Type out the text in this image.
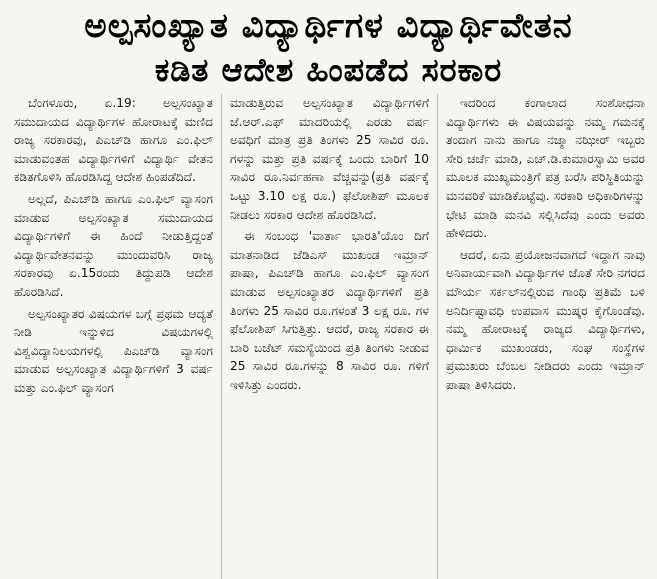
ಅಲ್ಪಸಂಖ್ಯಾತ ವಿದ್ಯಾರ್ಥಿಗಳ ವಿದ್ಯಾರ್ಥಿವೇತನ
ಕಡಿತ ಆದೇಶ ಹಿಂಪಡೆದ ಸರಕಾರ

ಬೆಂಗಳೂರು, ಏ.19: ಅಲ್ಪಸಂಖ್ಯಾತ ಸಮುದಾಯದ ವಿದ್ಯಾರ್ಥಿಗಳ ಹೋರಾಟಕ್ಕೆ ಮಣಿದ ರಾಜ್ಯ ಸರಕಾರವು, ಪಿಎಚ್‌ಡಿ ಹಾಗೂ ಎಂ.ಫಿಲ್ ಮಾಡುವಂತಹ ವಿದ್ಯಾರ್ಥಿಗಳಿಗೆ ವಿದ್ಯಾರ್ಥಿ ವೇತನ ಕಡಿತಗೊಳಿಸಿ ಹೊರಡಿಸಿದ್ದ ಆದೇಶ ಹಿಂಪಡೆದಿದೆ.

ಅಲ್ಲದೆ, ಪಿಎಚ್‌ಡಿ ಹಾಗೂ ಎಂ.ಫಿಲ್ ವ್ಯಾಸಂಗ ಮಾಡುವ ಅಲ್ಪಸಂಖ್ಯಾತ ಸಮುದಾಯದ ವಿದ್ಯಾರ್ಥಿಗಳಿಗೆ ಈ ಹಿಂದೆ ನೀಡುತ್ತಿದ್ದಂತೆ ವಿದ್ಯಾರ್ಥಿವೇತನವನ್ನು ಮುಂದುವರಿಸಿ ರಾಜ್ಯ ಸರಕಾರವು ಏ.15ರಂದು ತಿದ್ದುಪಡಿ ಆದೇಶ ಹೊರಡಿಸಿದೆ.

ಅಲ್ಪಸಂಖ್ಯಾತರ ವಿಷಯಗಳ ಬಗ್ಗೆ ಪ್ರಥಮ ಆದ್ಯತೆ ನೀಡಿ ಇನ್ನುಳಿದ ವಿಷಯಗಳಲ್ಲಿ ವಿಶ್ವವಿದ್ಯಾನಿಲಯಗಳಲ್ಲಿ ಪಿಎಚ್‌ಡಿ ವ್ಯಾಸಂಗ ಮಾಡುವ ಅಲ್ಪಸಂಖ್ಯಾತ ವಿದ್ಯಾರ್ಥಿಗಳಿಗೆ 3 ವರ್ಷ ಮತ್ತು ಎಂ.ಫಿಲ್ ವ್ಯಾಸಂಗ

ಮಾಡುತ್ತಿರುವ ಅಲ್ಪಸಂಖ್ಯಾತ ವಿದ್ಯಾರ್ಥಿಗಳಿಗೆ ಜೆ.ಆರ್.ಎಫ್ ಮಾದರಿಯಲ್ಲಿ ಎರಡು ವರ್ಷ ಅವಧಿಗೆ ಮಾತ್ರ ಪ್ರತಿ ತಿಂಗಳು 25 ಸಾವಿರ ರೂ. ಗಳನ್ನು ಮತ್ತು ಪ್ರತಿ ವರ್ಷಕ್ಕೆ ಒಂದು ಬಾರಿಗೆ 10 ಸಾವಿರ ರೂ.ನಿರ್ವಹಣಾ ವೆಚ್ಚವನ್ನು(ಪ್ರತಿ ವರ್ಷಕ್ಕೆ ಒಟ್ಟು 3.10 ಲಕ್ಷ ರೂ.) ಫೆಲೋಶಿಪ್ ಮೂಲಕ ನೀಡಲು ಸರಕಾರ ಆದೇಶ ಹೊರಡಿಸಿದೆ.

ಈ ಸಂಬಂಧ 'ವಾರ್ತಾ ಭಾರತಿ'ಯೊಂ ದಿಗೆ ಮಾತನಾಡಿದ ಜೆಡಿಎಸ್ ಮುಖಂಡ ಇಮ್ರಾನ್ ಪಾಷಾ, ಪಿಎಚ್‌ಡಿ ಹಾಗೂ ಎಂ.ಫಿಲ್ ವ್ಯಾಸಂಗ ಮಾಡುವ ಅಲ್ಪಸಂಖ್ಯಾತರ ವಿದ್ಯಾರ್ಥಿಗಳಿಗೆ ಪ್ರತಿ ತಿಂಗಳು 25 ಸಾವಿರ ರೂ.ಗಳಂತೆ 3 ಲಕ್ಷ ರೂ. ಗಳ ಫೆಲೋಶಿಪ್ ಸಿಗುತ್ತಿತ್ತು. ಆದರೆ, ರಾಜ್ಯ ಸರಕಾರ ಈ ಬಾರಿ ಬಜೆಟ್ ಸಮಸ್ಯೆಯಿಂದ ಪ್ರತಿ ತಿಂಗಳು ನೀಡುವ 25 ಸಾವಿರ ರೂ.ಗಳನ್ನು 8 ಸಾವಿರ ರೂ. ಗಳಿಗೆ ಇಳಿಸಿತ್ತು ಎಂದರು.

ಇದರಿಂದ ಕಂಗಾಲಾದ ಸಂಶೋಧನಾ ವಿದ್ಯಾರ್ಥಿಗಳು ಈ ವಿಷಯವನ್ನು ನಮ್ಮ ಗಮನಕ್ಕೆ ತಂದಾಗ ನಾನು ಹಾಗೂ ನಜ್ಮಾ ನಝೀರ್ ಇಬ್ಬರು ಸೇರಿ ಚರ್ಚೆ ಮಾಡಿ, ಎಚ್.ಡಿ.ಕುಮಾರಸ್ವಾಮಿ ಅವರ ಮೂಲಕ ಮುಖ್ಯಮಂತ್ರಿಗೆ ಪತ್ರ ಬರೆಸಿ ಪರಿಸ್ಥಿತಿಯನ್ನು ಮನವರಿಕೆ ಮಾಡಿಕೊಟ್ಟೆವು. ಸರಕಾರಿ ಅಧಿಕಾರಿಗಳನ್ನು ಭೇಟಿ ಮಾಡಿ ಮನವಿ ಸಲ್ಲಿಸಿದೆವು ಎಂದು ಅವರು ಹೇಳಿದರು.

ಆದರೆ, ಏನು ಪ್ರಯೋಜನವಾಗದೆ ಇದ್ದಾಗ ನಾವು ಅನಿವಾರ್ಯವಾಗಿ ವಿದ್ಯಾರ್ಥಿಗಳ ಜೊತೆ ಸೇರಿ ನಗರದ ಮೌರ್ಯ ಸರ್ಕಲ್‌ನಲ್ಲಿರುವ ಗಾಂಧಿ ಪ್ರತಿಮೆ ಬಳಿ ಅನಿರ್ದಿಷ್ಟಾವಧಿ ಉಪವಾಸ ಮುಷ್ಕರ ಕೈಗೊಂಡೆವು. ನಮ್ಮ ಹೋರಾಟಕ್ಕೆ ರಾಜ್ಯದ ವಿದ್ಯಾರ್ಥಿಗಳು, ಧಾರ್ಮಿಕ ಮುಖಂಡರು, ಸಂಘ ಸಂಸ್ಥೆಗಳ ಪ್ರಮುಖರು ಬೆಂಬಲ ನೀಡಿದರು ಎಂದು ಇಮ್ರಾನ್ ಪಾಷಾ ತಿಳಿಸಿದರು.
